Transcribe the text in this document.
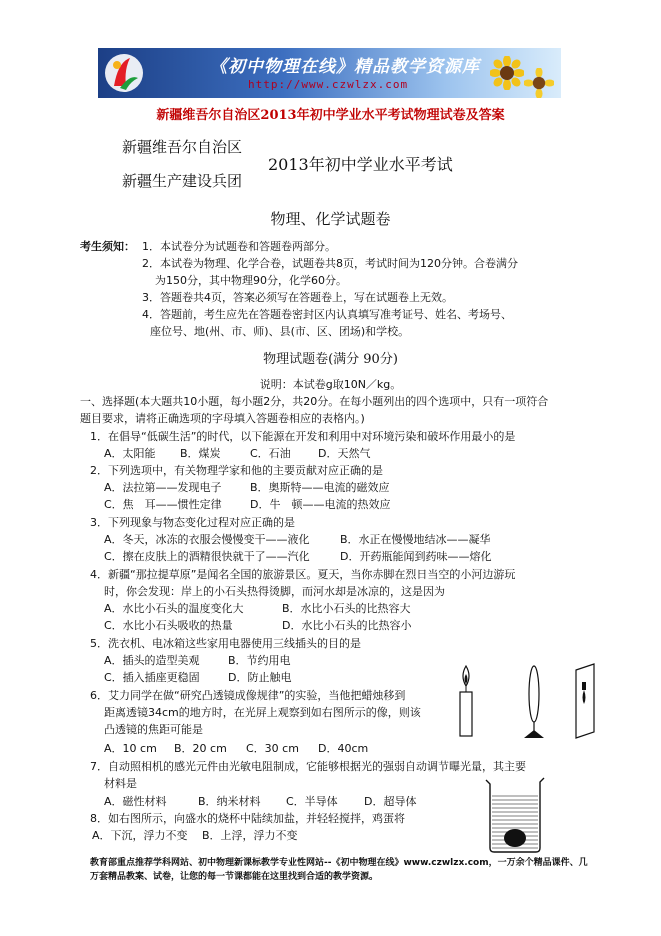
《初中物理在线》精品教学资源库
http://www.czwlzx.com
新疆维吾尔自治区2013年初中学业水平考试物理试卷及答案
新疆维吾尔自治区
新疆生产建设兵团
2013年初中学业水平考试
物理、化学试题卷
考生须知： 1．本试卷分为试题卷和答题卷两部分。
2．本试卷为物理、化学合卷，试题卷共8页，考试时间为120分钟。合卷满分
为150分，其中物理90分，化学60分。
3．答题卷共4页，答案必须写在答题卷上，写在试题卷上无效。
4．答题前，考生应先在答题卷密封区内认真填写准考证号、姓名、考场号、
座位号、地(州、市、师)、县(市、区、团场)和学校。
物理试题卷(满分 90分)
说明：本试卷g取10N／kg。
一、选择题(本大题共10小题，每小题2分，共20分。在每小题列出的四个选项中，只有一项符合
题目要求，请将正确选项的字母填入答题卷相应的表格内。)
1．在倡导“低碳生活”的时代，以下能源在开发和利用中对环境污染和破坏作用最小的是
A．太阳能 B．煤炭	C．石油 D．天然气
2．下列选项中，有关物理学家和他的主要贡献对应正确的是
A．法拉第——发现电子	B．奥斯特——电流的磁效应
C．焦　耳——惯性定律	D．牛　顿——电流的热效应
3．下列现象与物态变化过程对应正确的是
A．冬天，冰冻的衣服会慢慢变干——液化	B．水正在慢慢地结冰——凝华
C．擦在皮肤上的酒精很快就干了——汽化	D．开药瓶能闻到药味——熔化
4．新疆“那拉提草原”是闻名全国的旅游景区。夏天，当你赤脚在烈日当空的小河边游玩
时，你会发现：岸上的小石头热得烫脚，而河水却是冰凉的，这是因为
A．水比小石头的温度变化大	B．水比小石头的比热容大
C．水比小石头吸收的热量	D．水比小石头的比热容小
5．洗衣机、电冰箱这些家用电器使用三线插头的目的是
A．插头的造型美观	B．节约用电
C．插入插座更稳固	D．防止触电
6．艾力同学在做“研究凸透镜成像规律”的实验，当他把蜡烛移到
距离透镜34cm的地方时，在光屏上观察到如右图所示的像，则该
凸透镜的焦距可能是
A．10 cm B．20 cm C．30 cm D．40cm
7．自动照相机的感光元件由光敏电阻制成，它能够根据光的强弱自动调节曝光量，其主要
材料是
A．磁性材料	B．纳米材料 C．半导体 D．超导体
8．如右图所示，向盛水的烧杯中陆续加盐，并轻轻搅拌，鸡蛋将
A．下沉，浮力不变 B．上浮，浮力不变
教育部重点推荐学科网站、初中物理新课标教学专业性网站--《初中物理在线》www.czwlzx.com，一万余个精品课件、几万套精品教案、试卷，让您的每一节课都能在这里找到合适的教学资源。
